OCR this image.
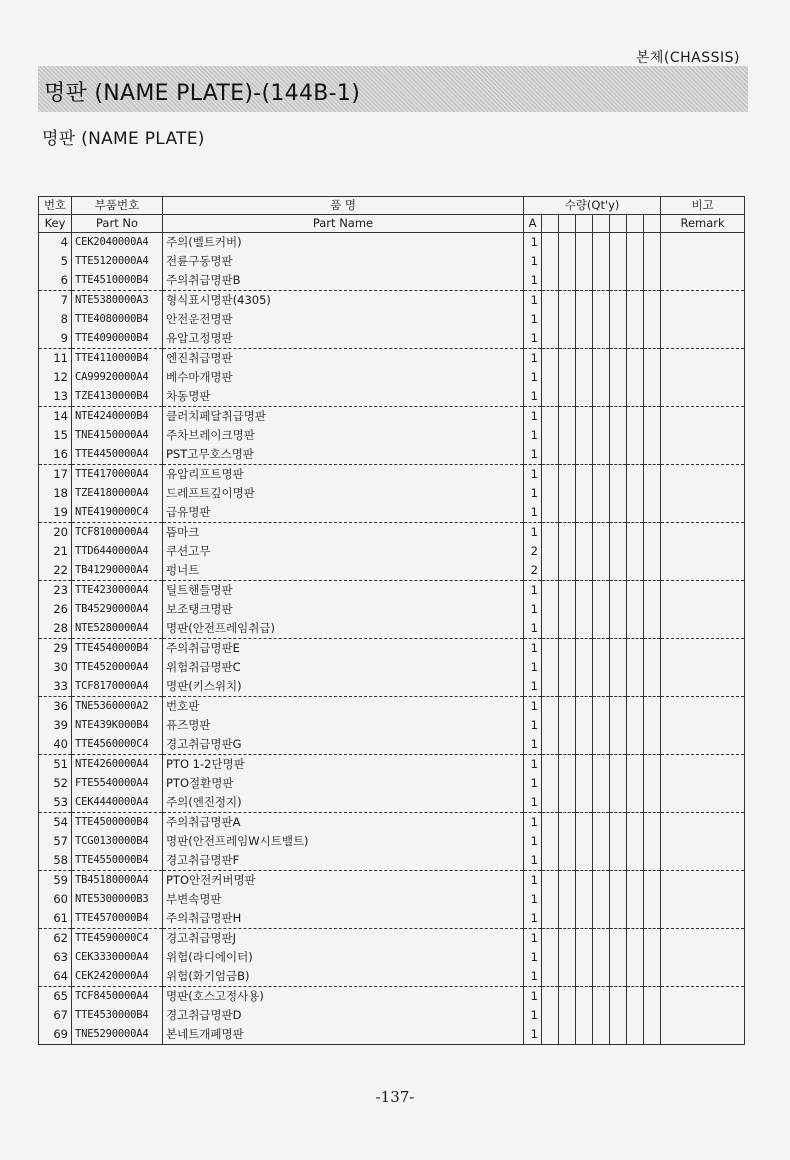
본체(CHASSIS)
명판 (NAME PLATE)-(144B-1)
명판 (NAME PLATE)
번호	부품번호	품 명	수량(Qt'y)								비고
Key	Part No	Part Name	A								Remark
4	CEK2040000A4	주의(벨트커버)	1								
5	TTE5120000A4	전륜구동명판	1								
6	TTE4510000B4	주의취급명판B	1								
7	NTE5380000A3	형식표시명판(4305)	1								
8	TTE4080000B4	안전운전명판	1								
9	TTE4090000B4	유압고정명판	1								
11	TTE4110000B4	엔진취급명판	1								
12	CA99920000A4	베수마개명판	1								
13	TZE4130000B4	차동명판	1								
14	NTE4240000B4	클러치페달취급명판	1								
15	TNE4150000A4	주차브레이크명판	1								
16	TTE4450000A4	PST고무호스명판	1								
17	TTE4170000A4	유압리프트명판	1								
18	TZE4180000A4	드레프트깊이명판	1								
19	NTE4190000C4	급유명판	1								
20	TCF8100000A4	뜸마크	1								
21	TTD6440000A4	쿠션고무	2								
22	TB41290000A4	펑너트	2								
23	TTE4230000A4	틸트핸들명판	1								
26	TB45290000A4	보조탱크명판	1								
28	NTE5280000A4	명판(안전프레임취급)	1								
29	TTE4540000B4	주의취급명판E	1								
30	TTE4520000A4	위험취급명판C	1								
33	TCF8170000A4	명판(키스위치)	1								
36	TNE5360000A2	번호판	1								
39	NTE439K000B4	퓨즈명판	1								
40	TTE4560000C4	경고취급명판G	1								
51	NTE4260000A4	PTO 1-2단명판	1								
52	FTE5540000A4	PTO절환명판	1								
53	CEK4440000A4	주의(엔진정지)	1								
54	TTE4500000B4	주의취급명판A	1								
57	TCG0130000B4	명판(안전프레임W시트밸트)	1								
58	TTE4550000B4	경고취급명판F	1								
59	TB45180000A4	PTO안전커버명판	1								
60	NTE5300000B3	부변속명판	1								
61	TTE4570000B4	주의취급명판H	1								
62	TTE4590000C4	경고취급명판J	1								
63	CEK3330000A4	위험(라디에이터)	1								
64	CEK2420000A4	위험(화기엄금B)	1								
65	TCF8450000A4	명판(호스고정사용)	1								
67	TTE4530000B4	경고취급명판D	1								
69	TNE5290000A4	본네트개폐명판	1								
-137-
